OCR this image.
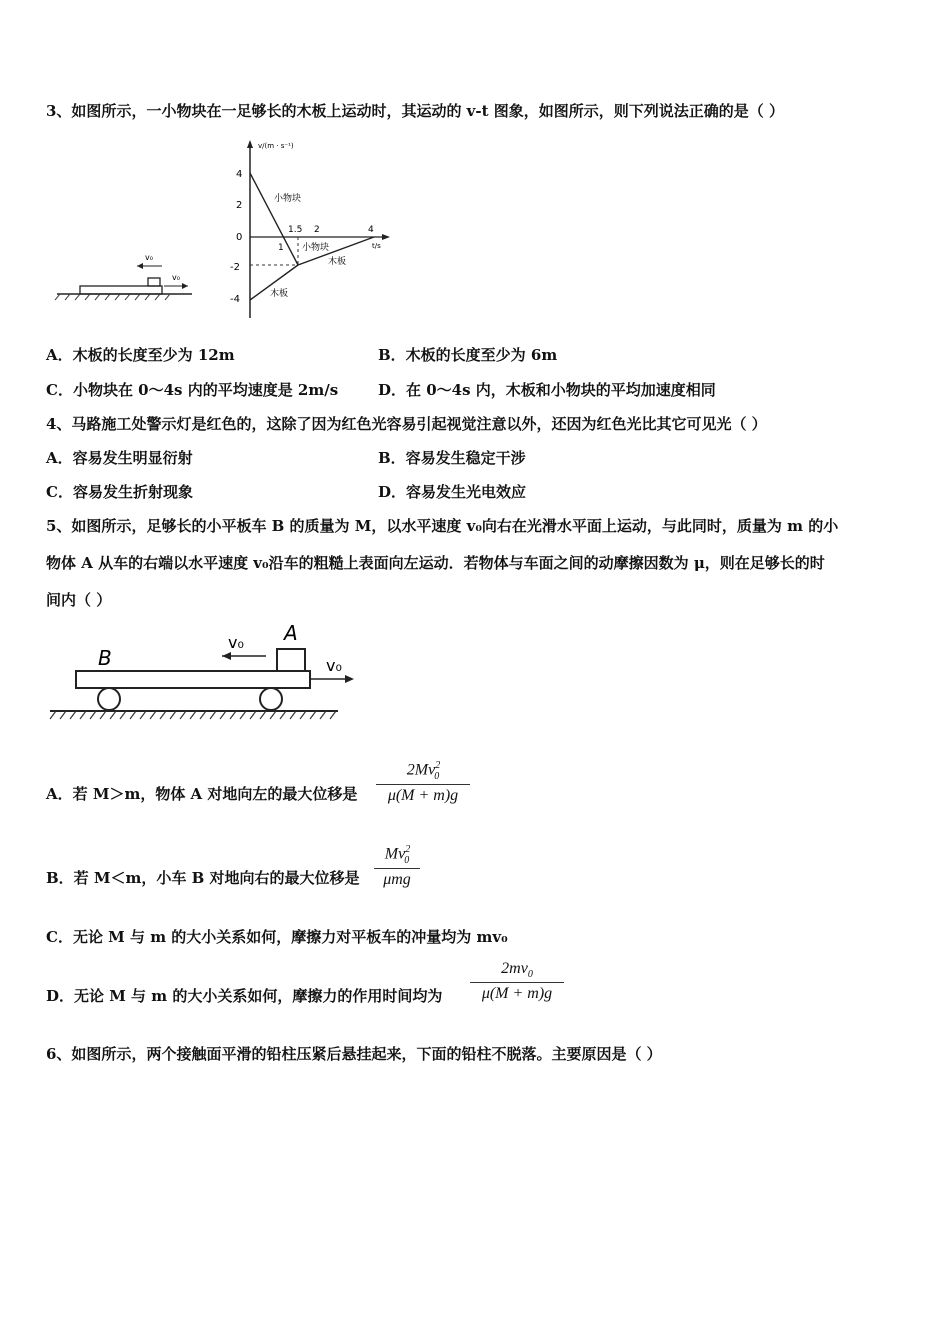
3、如图所示，一小物块在一足够长的木板上运动时，其运动的 v-t 图象，如图所示，则下列说法正确的是（ ）
v₀
v₀
v/(m · s⁻¹)
4
2
0
-2
-4
1
1.5 2	4
t/s
小物块
小物块
木板
木板
A．木板的长度至少为 12m	B．木板的长度至少为 6m
C．小物块在 0～4s 内的平均速度是 2m/s	D．在 0～4s 内，木板和小物块的平均加速度相同
4、马路施工处警示灯是红色的，这除了因为红色光容易引起视觉注意以外，还因为红色光比其它可见光（ ）
A．容易发生明显衍射	B．容易发生稳定干涉
C．容易发生折射现象	D．容易发生光电效应
5、如图所示，足够长的小平板车 B 的质量为 M，以水平速度 v₀向右在光滑水平面上运动，与此同时，质量为 m 的小
物体 A 从车的右端以水平速度 v₀沿车的粗糙上表面向左运动．若物体与车面之间的动摩擦因数为 μ，则在足够长的时
间内（ ）
B
A
v₀
v₀
A．若 M＞m，物体 A 对地向左的最大位移是
$2Mv^2_0$
μ(M + m)g
B．若 M＜m，小车 B 对地向右的最大位移是
$Mv^2_0$
μmg
C．无论 M 与 m 的大小关系如何，摩擦力对平板车的冲量均为 mv₀
D．无论 M 与 m 的大小关系如何，摩擦力的作用时间均为
$2mv_0$
μ(M + m)g
6、如图所示，两个接触面平滑的铅柱压紧后悬挂起来，下面的铅柱不脱落。主要原因是（ ）
